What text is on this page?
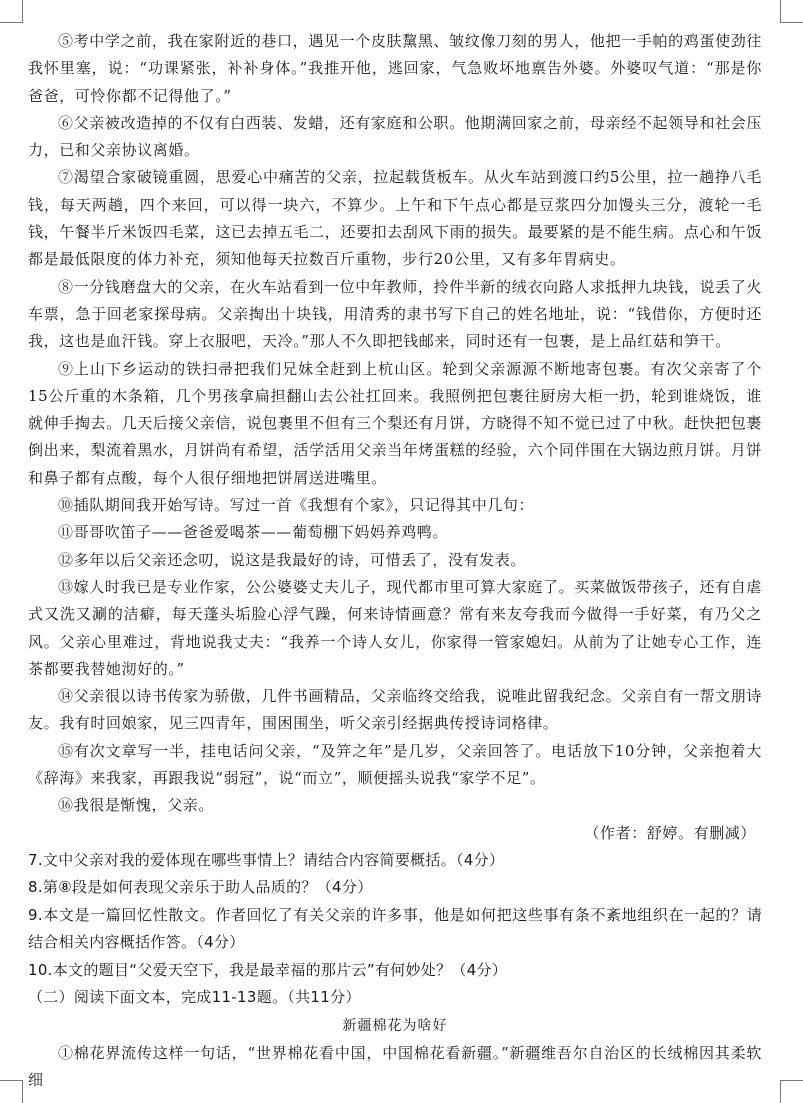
⑤考中学之前，我在家附近的巷口，遇见一个皮肤黧黑、皱纹像刀刻的男人，他把一手帕的鸡蛋使劲往我怀里塞，说：“功课紧张，补补身体。”我推开他，逃回家，气急败坏地禀告外婆。外婆叹气道：“那是你爸爸，可怜你都不记得他了。”

⑥父亲被改造掉的不仅有白西装、发蜡，还有家庭和公职。他期满回家之前，母亲经不起领导和社会压力，已和父亲协议离婚。

⑦渴望合家破镜重圆，思爱心中痛苦的父亲，拉起载货板车。从火车站到渡口约5公里，拉一趟挣八毛钱，每天两趟，四个来回，可以得一块六，不算少。上午和下午点心都是豆浆四分加馒头三分，渡轮一毛钱，午餐半斤米饭四毛菜，这已去掉五毛二，还要扣去刮风下雨的损失。最要紧的是不能生病。点心和午饭都是最低限度的体力补充，须知他每天拉数百斤重物，步行20公里，又有多年胃病史。

⑧一分钱磨盘大的父亲，在火车站看到一位中年教师，拎件半新的绒衣向路人求抵押九块钱，说丢了火车票，急于回老家探母病。父亲掏出十块钱，用清秀的隶书写下自己的姓名地址，说：“钱借你，方便时还我，这也是血汗钱。穿上衣服吧，天冷。”那人不久即把钱邮来，同时还有一包裹，是上品红菇和笋干。

⑨上山下乡运动的铁扫帚把我们兄妹全赶到上杭山区。轮到父亲源源不断地寄包裹。有次父亲寄了个15公斤重的木条箱，几个男孩拿扁担翻山去公社扛回来。我照例把包裹往厨房大柜一扔，轮到谁烧饭，谁就伸手掏去。几天后接父亲信，说包裹里不但有三个梨还有月饼，方晓得不知不觉已过了中秋。赶快把包裹倒出来，梨流着黑水，月饼尚有希望，活学活用父亲当年烤蛋糕的经验，六个同伴围在大锅边煎月饼。月饼和鼻子都有点酸，每个人很仔细地把饼屑送进嘴里。

⑩插队期间我开始写诗。写过一首《我想有个家》，只记得其中几句：

⑪哥哥吹笛子——爸爸爱喝茶——葡萄棚下妈妈养鸡鸭。

⑫多年以后父亲还念叨，说这是我最好的诗，可惜丢了，没有发表。

⑬嫁人时我已是专业作家，公公婆婆丈夫儿子，现代都市里可算大家庭了。买菜做饭带孩子，还有自虐式又洗又涮的洁癖，每天蓬头垢脸心浮气躁，何来诗情画意？常有来友夸我而今做得一手好菜，有乃父之风。父亲心里难过，背地说我丈夫：“我养一个诗人女儿，你家得一管家媳妇。从前为了让她专心工作，连茶都要我替她沏好的。”

⑭父亲很以诗书传家为骄傲，几件书画精品，父亲临终交给我，说唯此留我纪念。父亲自有一帮文朋诗友。我有时回娘家，见三四青年，围困围坐，听父亲引经据典传授诗词格律。

⑮有次文章写一半，挂电话问父亲，“及笄之年”是几岁，父亲回答了。电话放下10分钟，父亲抱着大《辞海》来我家，再跟我说“弱冠”，说“而立”，顺便摇头说我“家学不足”。

⑯我很是惭愧，父亲。

（作者：舒婷。有删减）

7.文中父亲对我的爱体现在哪些事情上？请结合内容简要概括。（4分）

8.第⑧段是如何表现父亲乐于助人品质的？（4分）

9.本文是一篇回忆性散文。作者回忆了有关父亲的许多事，他是如何把这些事有条不紊地组织在一起的？请结合相关内容概括作答。（4分）

10.本文的题目“父爱天空下，我是最幸福的那片云”有何妙处？（4分）

（二）阅读下面文本，完成11-13题。（共11分）

新疆棉花为啥好

①棉花界流传这样一句话，“世界棉花看中国，中国棉花看新疆。”新疆维吾尔自治区的长绒棉因其柔软细
